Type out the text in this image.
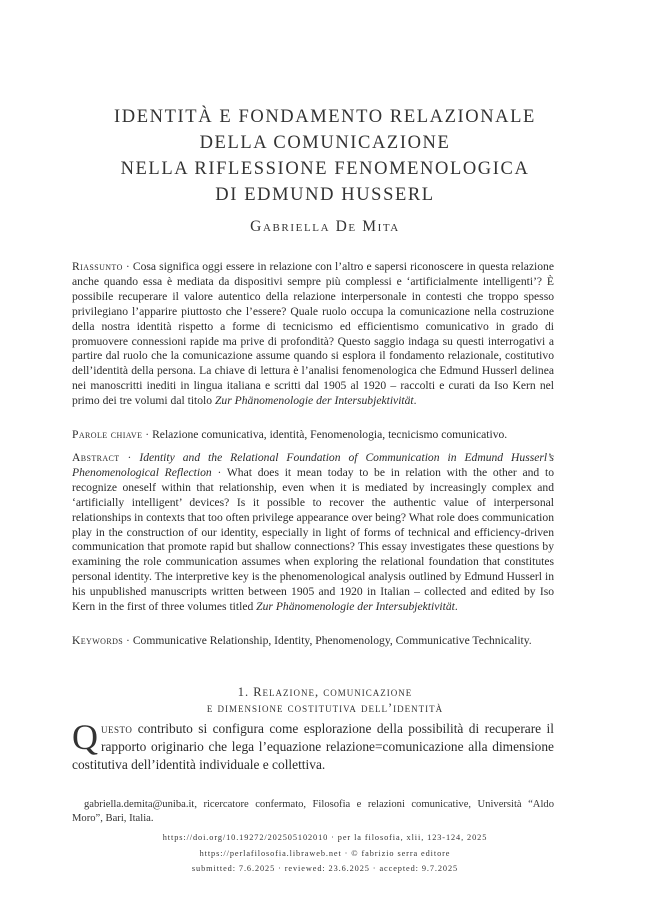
IDENTITÀ E FONDAMENTO RELAZIONALE
DELLA COMUNICAZIONE
NELLA RIFLESSIONE FENOMENOLOGICA
DI EDMUND HUSSERL
Gabriella De Mita

Riassunto · Cosa significa oggi essere in relazione con l’altro e sapersi riconoscere in questa relazione anche quando essa è mediata da dispositivi sempre più complessi e ‘artificialmente intelligenti’? È possibile recuperare il valore autentico della relazione interpersonale in contesti che troppo spesso privilegiano l’apparire piuttosto che l’essere? Quale ruolo occupa la comunicazione nella costruzione della nostra identità rispetto a forme di tecnicismo ed efficientismo comunicativo in grado di promuovere connessioni rapide ma prive di profondità? Questo saggio indaga su questi interrogativi a partire dal ruolo che la comunicazione assume quando si esplora il fondamento relazionale, costitutivo dell’identità della persona. La chiave di lettura è l’analisi fenomenologica che Edmund Husserl delinea nei manoscritti inediti in lingua italiana e scritti dal 1905 al 1920 – raccolti e curati da Iso Kern nel primo dei tre volumi dal titolo Zur Phänomenologie der Intersubjektivität.

Parole chiave · Relazione comunicativa, identità, Fenomenologia, tecnicismo comunicativo.

Abstract · Identity and the Relational Foundation of Communication in Edmund Husserl’s Phenomenological Reflection · What does it mean today to be in relation with the other and to recognize oneself within that relationship, even when it is mediated by increasingly complex and ‘artificially intelligent’ devices? Is it possible to recover the authentic value of interpersonal relationships in contexts that too often privilege appearance over being? What role does communication play in the construction of our identity, especially in light of forms of technical and efficiency-driven communication that promote rapid but shallow connections? This essay investigates these questions by examining the role communication assumes when exploring the relational foundation that constitutes personal identity. The interpretive key is the phenomenological analysis outlined by Edmund Husserl in his unpublished manuscripts written between 1905 and 1920 in Italian – collected and edited by Iso Kern in the first of three volumes titled Zur Phänomenologie der Intersubjektivität.

Keywords · Communicative Relationship, Identity, Phenomenology, Communicative Technicality.

1. Relazione, comunicazione
e dimensione costitutiva dell’identità
Questo contributo si configura come esplorazione della possibilità di recuperare il rapporto originario che lega l’equazione relazione=comunicazione alla dimensione costitutiva dell’identità individuale e collettiva.

gabriella.demita@uniba.it, ricercatore confermato, Filosofia e relazioni comunicative, Università “Aldo Moro”, Bari, Italia.

https://doi.org/10.19272/202505102010 · per la filosofia, xlii, 123-124, 2025
https://perlafilosofia.libraweb.net · © fabrizio serra editore
submitted: 7.6.2025 · reviewed: 23.6.2025 · accepted: 9.7.2025
